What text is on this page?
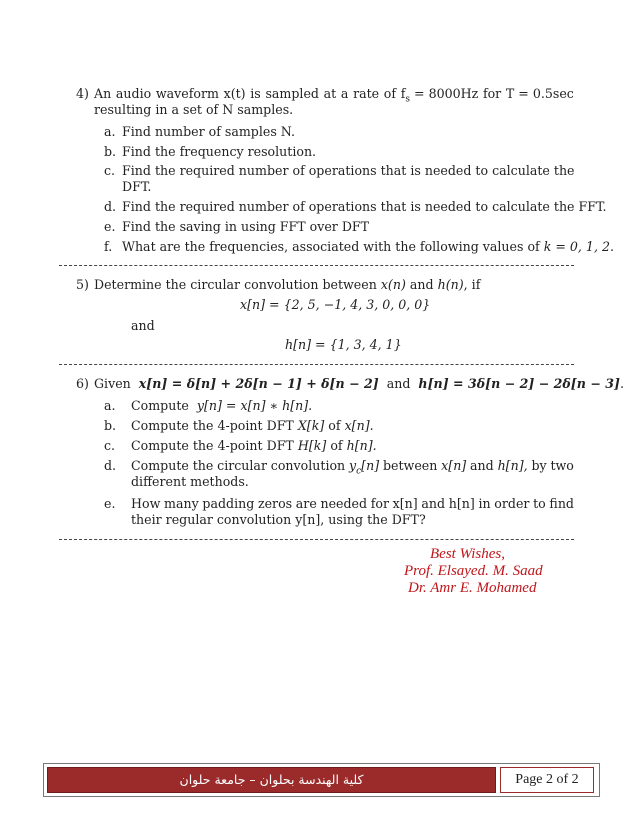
4) An audio waveform x(t) is sampled at a rate of $f_s = 8000Hz$ for T = 0.5sec
resulting in a set of N samples.
a. Find number of samples N.
b. Find the frequency resolution.
c. Find the required number of operations that is needed to calculate the
DFT.
d. Find the required number of operations that is needed to calculate the FFT.
e. Find the saving in using FFT over DFT
f. What are the frequencies, associated with the following values of k = 0, 1, 2.
5) Determine the circular convolution between x(n) and h(n), if
x[n] = {2, 5, −1, 4, 3, 0, 0, 0}
and
h[n] = {1, 3, 4, 1}
6) Given x[n] = δ[n] + 2δ[n − 1] + δ[n − 2] and h[n] = 3δ[n − 2] − 2δ[n − 3].
a. Compute y[n] = x[n] ∗ h[n].
b. Compute the 4-point DFT X[k] of x[n].
c. Compute the 4-point DFT H[k] of h[n].
d. Compute the circular convolution $y_c[n]$ between x[n] and h[n], by two
different methods.
e. How many padding zeros are needed for x[n] and h[n] in order to find
their regular convolution y[n], using the DFT?
Best Wishes,
Prof. Elsayed. M. Saad
Dr. Amr E. Mohamed
كلية الهندسة بحلوان – جامعة حلوان	Page 2 of 2
